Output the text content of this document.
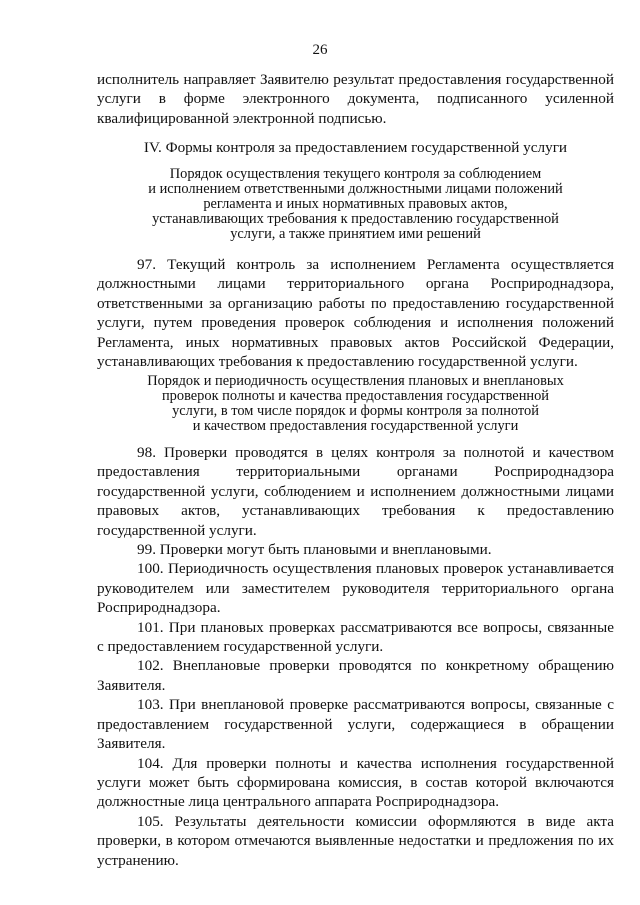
26

исполнитель направляет Заявителю результат предоставления государственной услуги в форме электронного документа, подписанного усиленной квалифицированной электронной подписью.

IV. Формы контроля за предоставлением государственной услуги
Порядок осуществления текущего контроля за соблюдением
и исполнением ответственными должностными лицами положений
регламента и иных нормативных правовых актов,
устанавливающих требования к предоставлению государственной
услуги, а также принятием ими решений

97. Текущий контроль за исполнением Регламента осуществляется должностными лицами территориального органа Росприроднадзора, ответственными за организацию работы по предоставлению государственной услуги, путем проведения проверок соблюдения и исполнения положений Регламента, иных нормативных правовых актов Российской Федерации, устанавливающих требования к предоставлению государственной услуги.

Порядок и периодичность осуществления плановых и внеплановых
проверок полноты и качества предоставления государственной
услуги, в том числе порядок и формы контроля за полнотой
и качеством предоставления государственной услуги

98. Проверки проводятся в целях контроля за полнотой и качеством предоставления территориальными органами Росприроднадзора государственной услуги, соблюдением и исполнением должностными лицами правовых актов, устанавливающих требования к предоставлению государственной услуги.

99. Проверки могут быть плановыми и внеплановыми.

100. Периодичность осуществления плановых проверок устанавливается руководителем или заместителем руководителя территориального органа Росприроднадзора.

101. При плановых проверках рассматриваются все вопросы, связанные с предоставлением государственной услуги.

102. Внеплановые проверки проводятся по конкретному обращению Заявителя.

103. При внеплановой проверке рассматриваются вопросы, связанные с предоставлением государственной услуги, содержащиеся в обращении Заявителя.

104. Для проверки полноты и качества исполнения государственной услуги может быть сформирована комиссия, в состав которой включаются должностные лица центрального аппарата Росприроднадзора.

105. Результаты деятельности комиссии оформляются в виде акта проверки, в котором отмечаются выявленные недостатки и предложения по их устранению.
